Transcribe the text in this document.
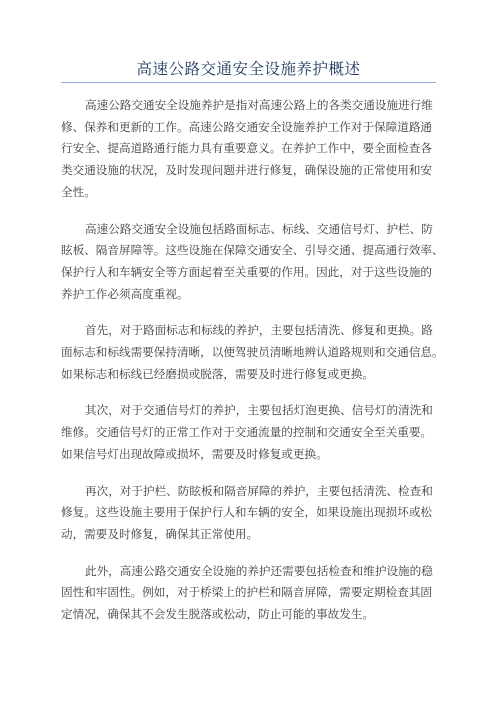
高速公路交通安全设施养护概述

高速公路交通安全设施养护是指对高速公路上的各类交通设施进行维
修、保养和更新的工作。高速公路交通安全设施养护工作对于保障道路通
行安全、提高道路通行能力具有重要意义。在养护工作中，要全面检查各
类交通设施的状况，及时发现问题并进行修复，确保设施的正常使用和安
全性。

高速公路交通安全设施包括路面标志、标线、交通信号灯、护栏、防
眩板、隔音屏障等。这些设施在保障交通安全、引导交通、提高通行效率、
保护行人和车辆安全等方面起着至关重要的作用。因此，对于这些设施的
养护工作必须高度重视。

首先，对于路面标志和标线的养护，主要包括清洗、修复和更换。路
面标志和标线需要保持清晰，以便驾驶员清晰地辨认道路规则和交通信息。
如果标志和标线已经磨损或脱落，需要及时进行修复或更换。

其次，对于交通信号灯的养护，主要包括灯泡更换、信号灯的清洗和
维修。交通信号灯的正常工作对于交通流量的控制和交通安全至关重要。
如果信号灯出现故障或损坏，需要及时修复或更换。

再次，对于护栏、防眩板和隔音屏障的养护，主要包括清洗、检查和
修复。这些设施主要用于保护行人和车辆的安全，如果设施出现损坏或松
动，需要及时修复，确保其正常使用。

此外，高速公路交通安全设施的养护还需要包括检查和维护设施的稳
固性和牢固性。例如，对于桥梁上的护栏和隔音屏障，需要定期检查其固
定情况，确保其不会发生脱落或松动，防止可能的事故发生。
